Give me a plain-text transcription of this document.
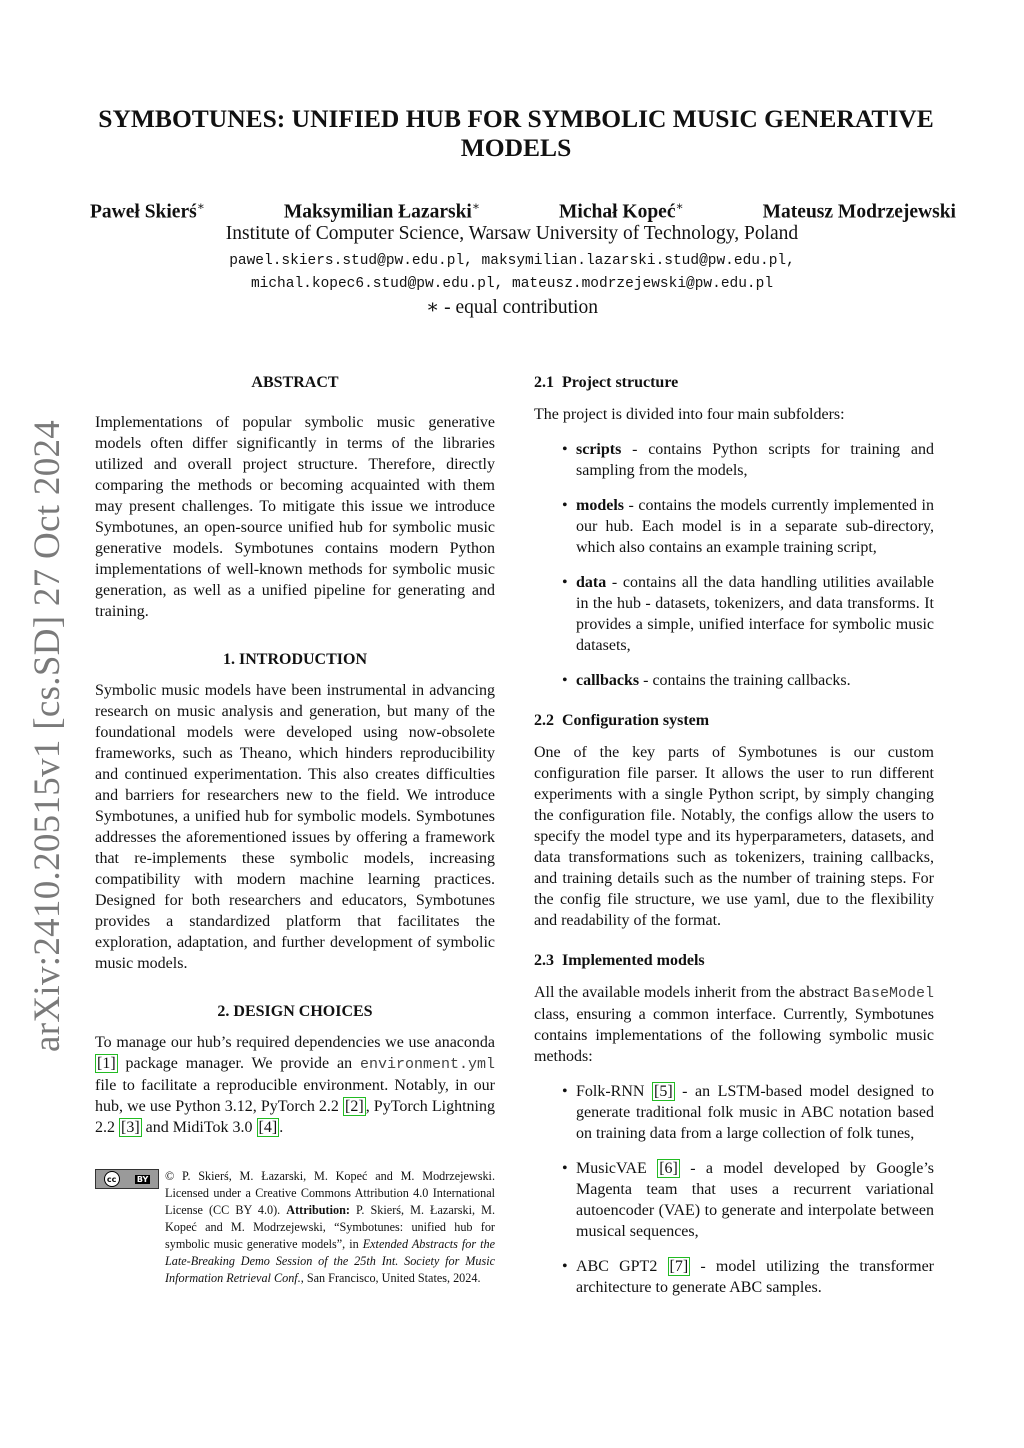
arXiv:2410.20515v1 [cs.SD] 27 Oct 2024
SYMBOTUNES: UNIFIED HUB FOR SYMBOLIC MUSIC GENERATIVE MODELS
Paweł Skierś∗	Maksymilian Łazarski∗	Michał Kopeć∗	Mateusz Modrzejewski
Institute of Computer Science, Warsaw University of Technology, Poland
pawel.skiers.stud@pw.edu.pl, maksymilian.lazarski.stud@pw.edu.pl,
michal.kopec6.stud@pw.edu.pl, mateusz.modrzejewski@pw.edu.pl
∗ - equal contribution
ABSTRACT

Implementations of popular symbolic music generative models often differ significantly in terms of the libraries utilized and overall project structure. Therefore, directly comparing the methods or becoming acquainted with them may present challenges. To mitigate this issue we introduce Symbotunes, an open-source unified hub for symbolic music generative models. Symbotunes contains modern Python implementations of well-known methods for symbolic music generation, as well as a unified pipeline for generating and training.

1. INTRODUCTION

Symbolic music models have been instrumental in advancing research on music analysis and generation, but many of the foundational models were developed using now-obsolete frameworks, such as Theano, which hinders reproducibility and continued experimentation. This also creates difficulties and barriers for researchers new to the field. We introduce Symbotunes, a unified hub for symbolic models. Symbotunes addresses the aforementioned issues by offering a framework that re-implements these symbolic models, increasing compatibility with modern machine learning practices. Designed for both researchers and educators, Symbotunes provides a standardized platform that facilitates the exploration, adaptation, and further development of symbolic music models.

2. DESIGN CHOICES

To manage our hub’s required dependencies we use anaconda [1] package manager. We provide an environment.yml file to facilitate a reproducible environment. Notably, in our hub, we use Python 3.12, PyTorch 2.2 [2] , PyTorch Lightning 2.2 [3] and MidiTok 3.0 [4] .

cc	BY © P. Skierś, M. Łazarski, M. Kopeć and M. Modrzejewski. Licensed under a Creative Commons Attribution 4.0 International License (CC BY 4.0). Attribution: P. Skierś, M. Łazarski, M. Kopeć and M. Modrzejewski, “Symbotunes: unified hub for symbolic music generative models”, in Extended Abstracts for the Late-Breaking Demo Session of the 25th Int. Society for Music Information Retrieval Conf., San Francisco, United States, 2024.

2.1 Project structure

The project is divided into four main subfolders:

• scripts - contains Python scripts for training and sampling from the models,
• models - contains the models currently implemented in our hub. Each model is in a separate sub-directory, which also contains an example training script,
• data - contains all the data handling utilities available in the hub - datasets, tokenizers, and data transforms. It provides a simple, unified interface for symbolic music datasets,
• callbacks - contains the training callbacks.
2.2 Configuration system

One of the key parts of Symbotunes is our custom configuration file parser. It allows the user to run different experiments with a single Python script, by simply changing the configuration file. Notably, the configs allow the users to specify the model type and its hyperparameters, datasets, and data transformations such as tokenizers, training callbacks, and training details such as the number of training steps. For the config file structure, we use yaml, due to the flexibility and readability of the format.

2.3 Implemented models

All the available models inherit from the abstract BaseModel class, ensuring a common interface. Currently, Symbotunes contains implementations of the following symbolic music methods:

• Folk-RNN [5] - an LSTM-based model designed to generate traditional folk music in ABC notation based on training data from a large collection of folk tunes,
• MusicVAE [6] - a model developed by Google’s Magenta team that uses a recurrent variational autoencoder (VAE) to generate and interpolate between musical sequences,
• ABC GPT2 [7] - model utilizing the transformer architecture to generate ABC samples.
